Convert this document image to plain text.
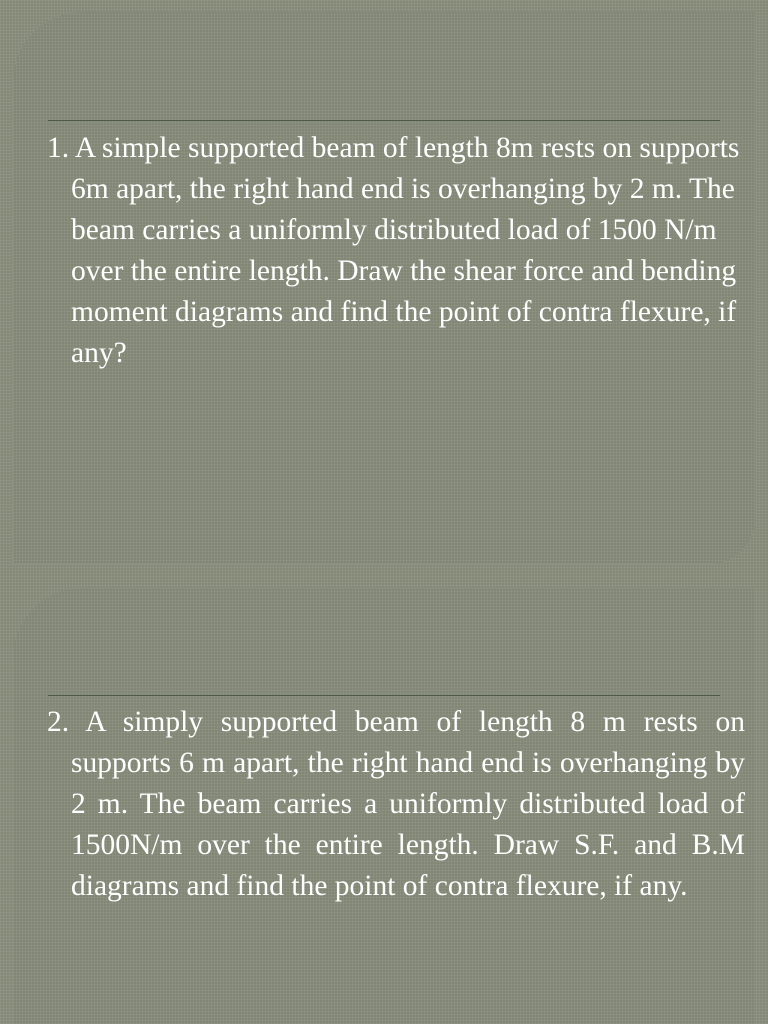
1. A simple supported beam of length 8m rests on supports 6m apart, the right hand end is overhanging by 2 m. The beam carries a uniformly distributed load of 1500 N/m over the entire length. Draw the shear force and bending moment diagrams and find the point of contra flexure, if any?

2. A simply supported beam of length 8 m rests on supports 6 m apart, the right hand end is overhanging by 2 m. The beam carries a uniformly distributed load of 1500N/m over the entire length. Draw S.F. and B.M diagrams and find the point of contra flexure, if any.
